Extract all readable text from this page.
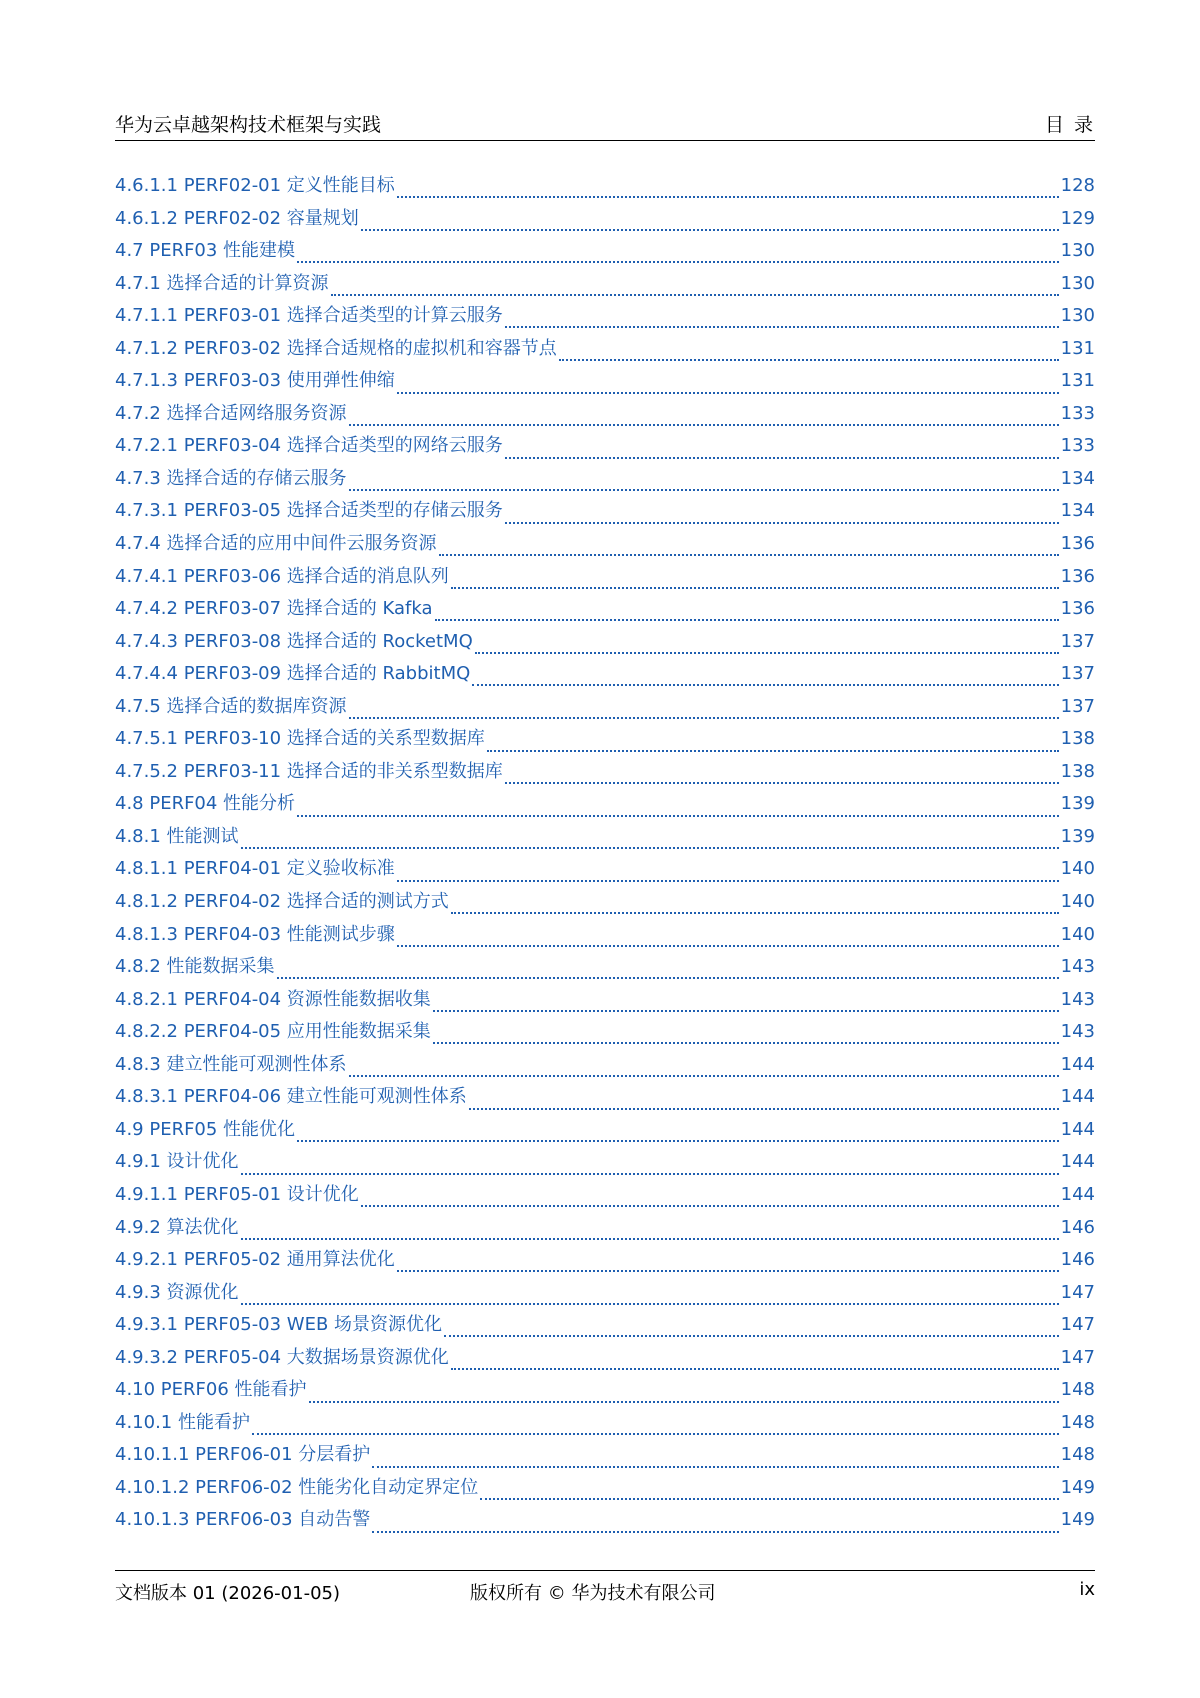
华为云卓越架构技术框架与实践	目 录
4.6.1.1 PERF02-01 定义性能目标	128
4.6.1.2 PERF02-02 容量规划	129
4.7 PERF03 性能建模	130
4.7.1 选择合适的计算资源	130
4.7.1.1 PERF03-01 选择合适类型的计算云服务	130
4.7.1.2 PERF03-02 选择合适规格的虚拟机和容器节点	131
4.7.1.3 PERF03-03 使用弹性伸缩	131
4.7.2 选择合适网络服务资源	133
4.7.2.1 PERF03-04 选择合适类型的网络云服务	133
4.7.3 选择合适的存储云服务	134
4.7.3.1 PERF03-05 选择合适类型的存储云服务	134
4.7.4 选择合适的应用中间件云服务资源	136
4.7.4.1 PERF03-06 选择合适的消息队列	136
4.7.4.2 PERF03-07 选择合适的 Kafka	136
4.7.4.3 PERF03-08 选择合适的 RocketMQ	137
4.7.4.4 PERF03-09 选择合适的 RabbitMQ	137
4.7.5 选择合适的数据库资源	137
4.7.5.1 PERF03-10 选择合适的关系型数据库	138
4.7.5.2 PERF03-11 选择合适的非关系型数据库	138
4.8 PERF04 性能分析	139
4.8.1 性能测试	139
4.8.1.1 PERF04-01 定义验收标准	140
4.8.1.2 PERF04-02 选择合适的测试方式	140
4.8.1.3 PERF04-03 性能测试步骤	140
4.8.2 性能数据采集	143
4.8.2.1 PERF04-04 资源性能数据收集	143
4.8.2.2 PERF04-05 应用性能数据采集	143
4.8.3 建立性能可观测性体系	144
4.8.3.1 PERF04-06 建立性能可观测性体系	144
4.9 PERF05 性能优化	144
4.9.1 设计优化	144
4.9.1.1 PERF05-01 设计优化	144
4.9.2 算法优化	146
4.9.2.1 PERF05-02 通用算法优化	146
4.9.3 资源优化	147
4.9.3.1 PERF05-03 WEB 场景资源优化	147
4.9.3.2 PERF05-04 大数据场景资源优化	147
4.10 PERF06 性能看护	148
4.10.1 性能看护	148
4.10.1.1 PERF06-01 分层看护	148
4.10.1.2 PERF06-02 性能劣化自动定界定位	149
4.10.1.3 PERF06-03 自动告警	149
文档版本 01 (2026-01-05)	版权所有 © 华为技术有限公司	ix
